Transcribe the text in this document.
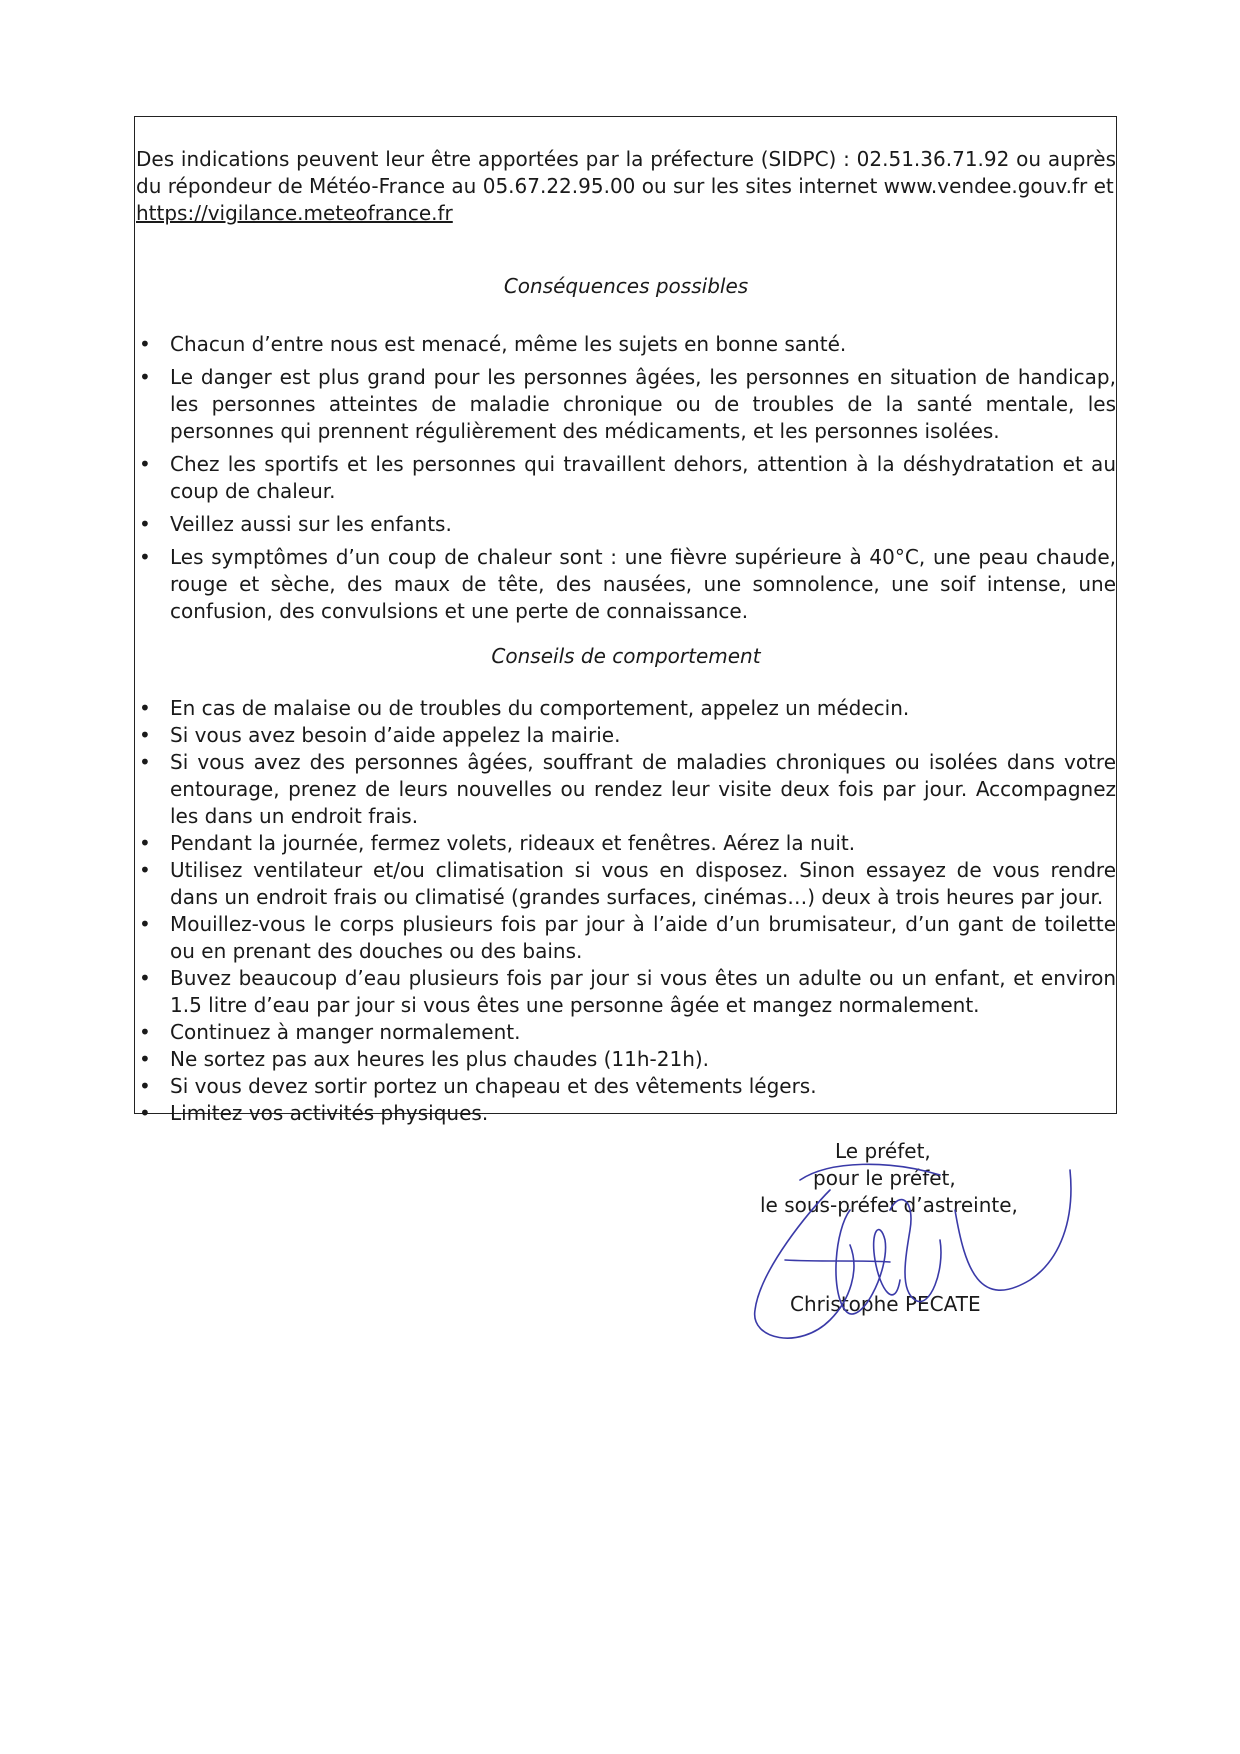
Des indications peuvent leur être apportées par la préfecture (SIDPC) : 02.51.36.71.92 ou auprès du répondeur de Météo-France au 05.67.22.95.00 ou sur les sites internet www.vendee.gouv.fr et
https://vigilance.meteofrance.fr
Conséquences possibles
• Chacun d’entre nous est menacé, même les sujets en bonne santé.
• Le danger est plus grand pour les personnes âgées, les personnes en situation de handicap, les personnes atteintes de maladie chronique ou de troubles de la santé mentale, les personnes qui prennent régulièrement des médicaments, et les personnes isolées.
• Chez les sportifs et les personnes qui travaillent dehors, attention à la déshydratation et au coup de chaleur.
• Veillez aussi sur les enfants.
• Les symptômes d’un coup de chaleur sont : une fièvre supérieure à 40°C, une peau chaude, rouge et sèche, des maux de tête, des nausées, une somnolence, une soif intense, une confusion, des convulsions et une perte de connaissance.
Conseils de comportement
• En cas de malaise ou de troubles du comportement, appelez un médecin.
• Si vous avez besoin d’aide appelez la mairie.
• Si vous avez des personnes âgées, souffrant de maladies chroniques ou isolées dans votre entourage, prenez de leurs nouvelles ou rendez leur visite deux fois par jour. Accompagnez les dans un endroit frais.
• Pendant la journée, fermez volets, rideaux et fenêtres. Aérez la nuit.
• Utilisez ventilateur et/ou climatisation si vous en disposez. Sinon essayez de vous rendre dans un endroit frais ou climatisé (grandes surfaces, cinémas…) deux à trois heures par jour.
• Mouillez-vous le corps plusieurs fois par jour à l’aide d’un brumisateur, d’un gant de toilette ou en prenant des douches ou des bains.
• Buvez beaucoup d’eau plusieurs fois par jour si vous êtes un adulte ou un enfant, et environ 1.5 litre d’eau par jour si vous êtes une personne âgée et mangez normalement.
• Continuez à manger normalement.
• Ne sortez pas aux heures les plus chaudes (11h-21h).
• Si vous devez sortir portez un chapeau et des vêtements légers.
• Limitez vos activités physiques.
Le préfet,
pour le préfet,
le sous-préfet d’astreinte,
Christophe PECATE
